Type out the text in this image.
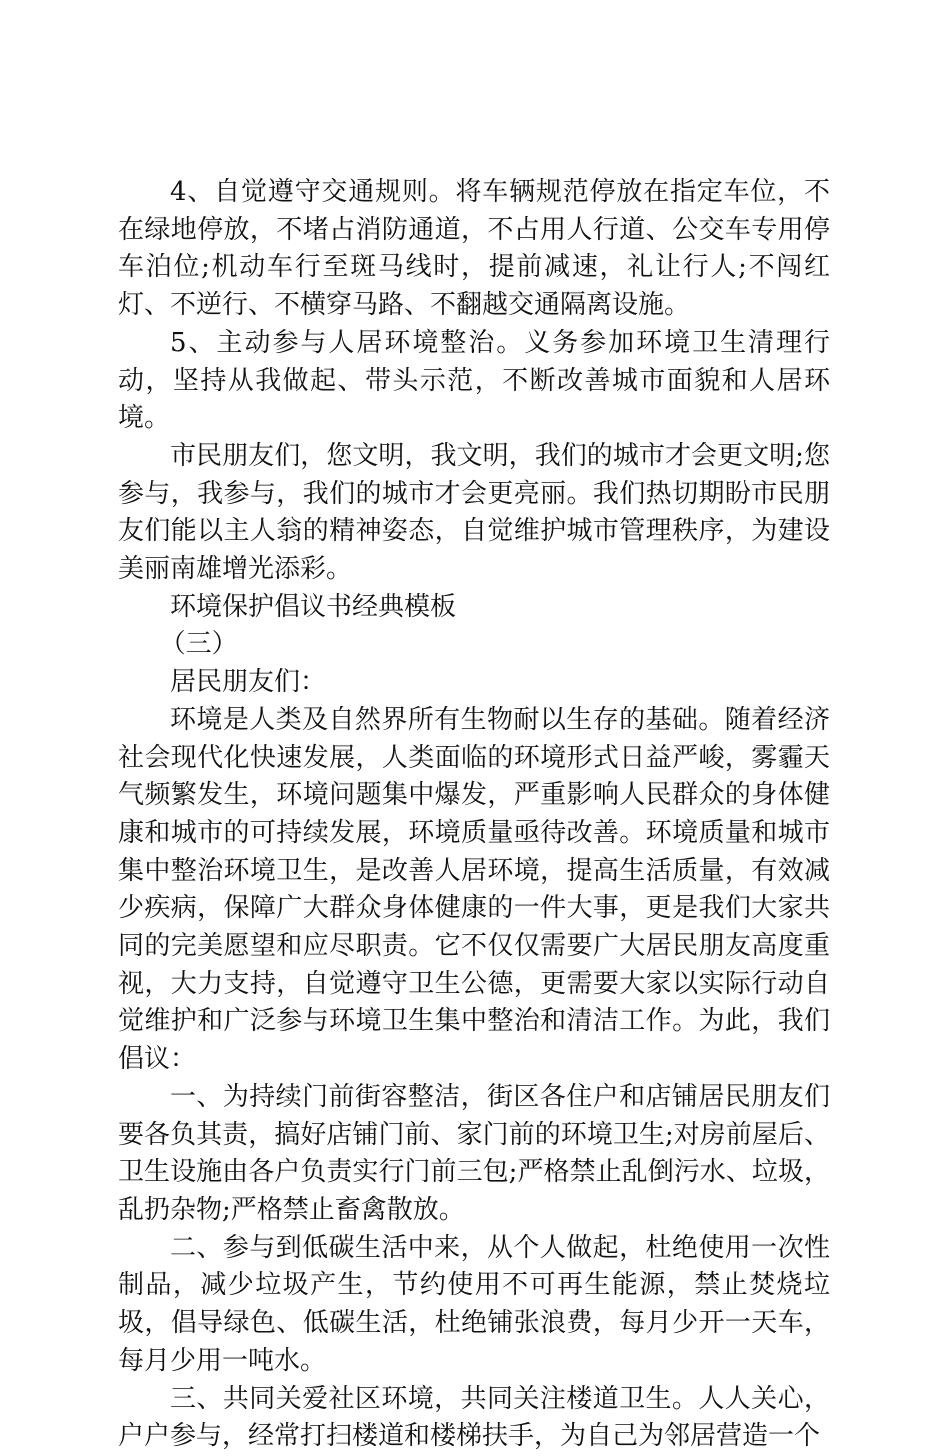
4、自觉遵守交通规则。将车辆规范停放在指定车位，不在绿地停放，不堵占消防通道，不占用人行道、公交车专用停车泊位;机动车行至斑马线时，提前减速，礼让行人;不闯红灯、不逆行、不横穿马路、不翻越交通隔离设施。

5、主动参与人居环境整治。义务参加环境卫生清理行动，坚持从我做起、带头示范，不断改善城市面貌和人居环境。

市民朋友们，您文明，我文明，我们的城市才会更文明;您参与，我参与，我们的城市才会更亮丽。我们热切期盼市民朋友们能以主人翁的精神姿态，自觉维护城市管理秩序，为建设美丽南雄增光添彩。

环境保护倡议书经典模板

（三）

居民朋友们：

环境是人类及自然界所有生物耐以生存的基础。随着经济社会现代化快速发展，人类面临的环境形式日益严峻，雾霾天气频繁发生，环境问题集中爆发，严重影响人民群众的身体健康和城市的可持续发展，环境质量亟待改善。环境质量和城市集中整治环境卫生，是改善人居环境，提高生活质量，有效减少疾病，保障广大群众身体健康的一件大事，更是我们大家共同的完美愿望和应尽职责。它不仅仅需要广大居民朋友高度重视，大力支持，自觉遵守卫生公德，更需要大家以实际行动自觉维护和广泛参与环境卫生集中整治和清洁工作。为此，我们倡议：

一、为持续门前街容整洁，街区各住户和店铺居民朋友们要各负其责，搞好店铺门前、家门前的环境卫生;对房前屋后、卫生设施由各户负责实行门前三包;严格禁止乱倒污水、垃圾，乱扔杂物;严格禁止畜禽散放。

二、参与到低碳生活中来，从个人做起，杜绝使用一次性制品，减少垃圾产生，节约使用不可再生能源，禁止焚烧垃圾，倡导绿色、低碳生活，杜绝铺张浪费，每月少开一天车，每月少用一吨水。

三、共同关爱社区环境，共同关注楼道卫生。人人关心，户户参与，经常打扫楼道和楼梯扶手，为自己为邻居营造一个
